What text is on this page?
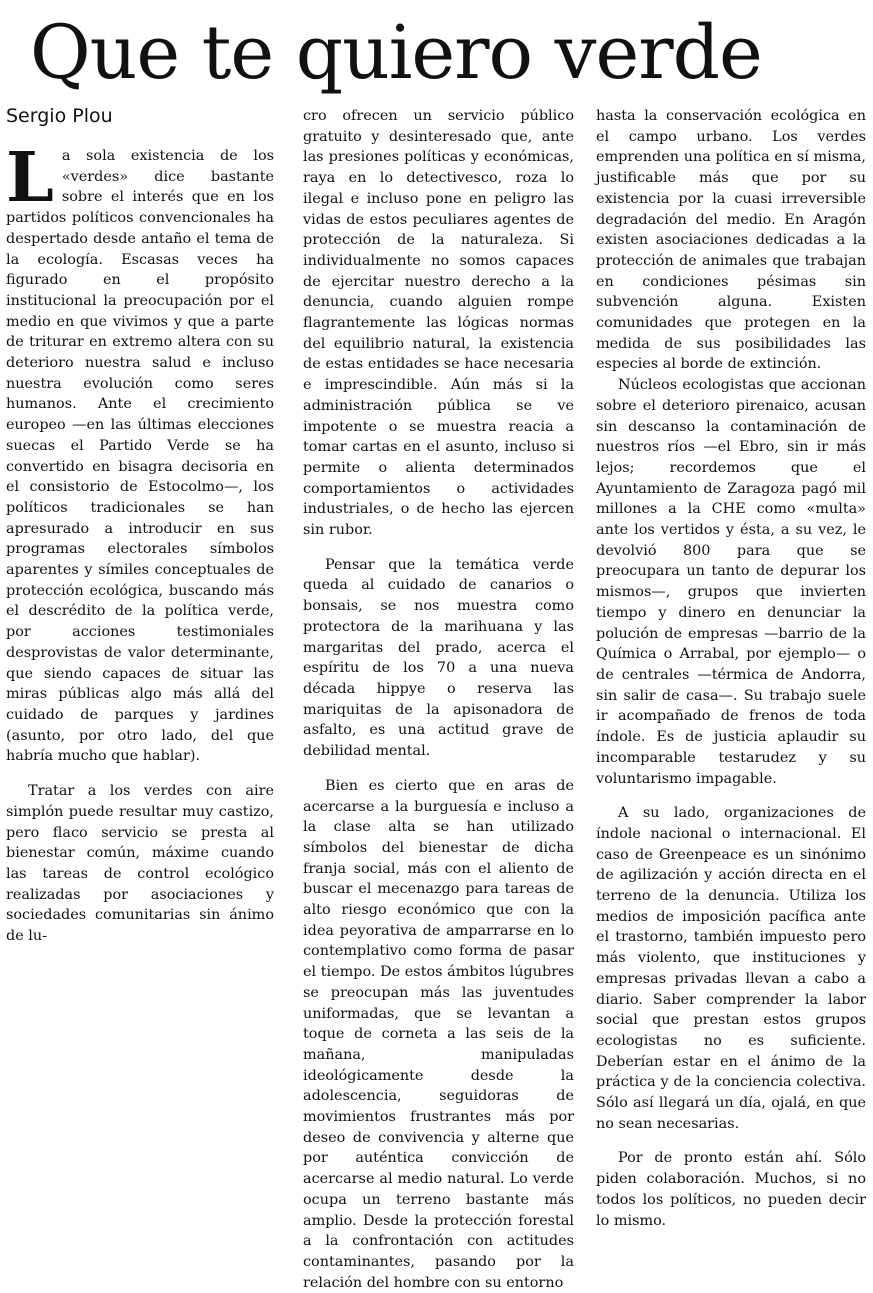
Que te quiero verde
Sergio Plou

La sola existencia de los «verdes» dice bastante sobre el interés que en los partidos políticos convencionales ha despertado desde antaño el tema de la ecología. Escasas veces ha figurado en el propósito institucional la preocupación por el medio en que vivimos y que a parte de triturar en extremo altera con su deterioro nuestra salud e incluso nuestra evolución como seres humanos. Ante el crecimiento europeo —en las últimas elecciones suecas el Partido Verde se ha convertido en bisagra decisoria en el consistorio de Estocolmo—, los políticos tradicionales se han apresurado a introducir en sus programas electorales símbolos aparentes y símiles conceptuales de protección ecológica, buscando más el descrédito de la política verde, por acciones testimoniales desprovistas de valor determinante, que siendo capaces de situar las miras públicas algo más allá del cuidado de parques y jardines (asunto, por otro lado, del que habría mucho que hablar).

Tratar a los verdes con aire simplón puede resultar muy castizo, pero flaco servicio se presta al bienestar común, máxime cuando las tareas de control ecológico realizadas por asociaciones y sociedades comunitarias sin ánimo de lu-

cro ofrecen un servicio público gratuito y desinteresado que, ante las presiones políticas y económicas, raya en lo detectivesco, roza lo ilegal e incluso pone en peligro las vidas de estos peculiares agentes de protección de la naturaleza. Si individualmente no somos capaces de ejercitar nuestro derecho a la denuncia, cuando alguien rompe flagrantemente las lógicas normas del equilibrio natural, la existencia de estas entidades se hace necesaria e imprescindible. Aún más si la administración pública se ve impotente o se muestra reacia a tomar cartas en el asunto, incluso si permite o alienta determinados comportamientos o actividades industriales, o de hecho las ejercen sin rubor.

Pensar que la temática verde queda al cuidado de canarios o bonsais, se nos muestra como protectora de la marihuana y las margaritas del prado, acerca el espíritu de los 70 a una nueva década hippye o reserva las mariquitas de la apisonadora de asfalto, es una actitud grave de debilidad mental.

Bien es cierto que en aras de acercarse a la burguesía e incluso a la clase alta se han utilizado símbolos del bienestar de dicha franja social, más con el aliento de buscar el mecenazgo para tareas de alto riesgo económico que con la idea peyorativa de amparrarse en lo contemplativo como forma de pasar el tiempo. De estos ámbitos lúgubres se preocupan más las juventudes uniformadas, que se levantan a toque de corneta a las seis de la mañana, manipuladas ideológicamente desde la adolescencia, seguidoras de movimientos frustrantes más por deseo de convivencia y alterne que por auténtica convicción de acercarse al medio natural. Lo verde ocupa un terreno bastante más amplio. Desde la protección forestal a la confrontación con actitudes contaminantes, pasando por la relación del hombre con su entorno

hasta la conservación ecológica en el campo urbano. Los verdes emprenden una política en sí misma, justificable más que por su existencia por la cuasi irreversible degradación del medio. En Aragón existen asociaciones dedicadas a la protección de animales que trabajan en condiciones pésimas sin subvención alguna. Existen comunidades que protegen en la medida de sus posibilidades las especies al borde de extinción.

Núcleos ecologistas que accionan sobre el deterioro pirenaico, acusan sin descanso la contaminación de nuestros ríos —el Ebro, sin ir más lejos; recordemos que el Ayuntamiento de Zaragoza pagó mil millones a la CHE como «multa» ante los vertidos y ésta, a su vez, le devolvió 800 para que se preocupara un tanto de depurar los mismos—, grupos que invierten tiempo y dinero en denunciar la polución de empresas —barrio de la Química o Arrabal, por ejemplo— o de centrales —térmica de Andorra, sin salir de casa—. Su trabajo suele ir acompañado de frenos de toda índole. Es de justicia aplaudir su incomparable testarudez y su voluntarismo impagable.

A su lado, organizaciones de índole nacional o internacional. El caso de Greenpeace es un sinónimo de agilización y acción directa en el terreno de la denuncia. Utiliza los medios de imposición pacífica ante el trastorno, también impuesto pero más violento, que instituciones y empresas privadas llevan a cabo a diario. Saber comprender la labor social que prestan estos grupos ecologistas no es suficiente. Deberían estar en el ánimo de la práctica y de la conciencia colectiva. Sólo así llegará un día, ojalá, en que no sean necesarias.

Por de pronto están ahí. Sólo piden colaboración. Muchos, si no todos los políticos, no pueden decir lo mismo.
